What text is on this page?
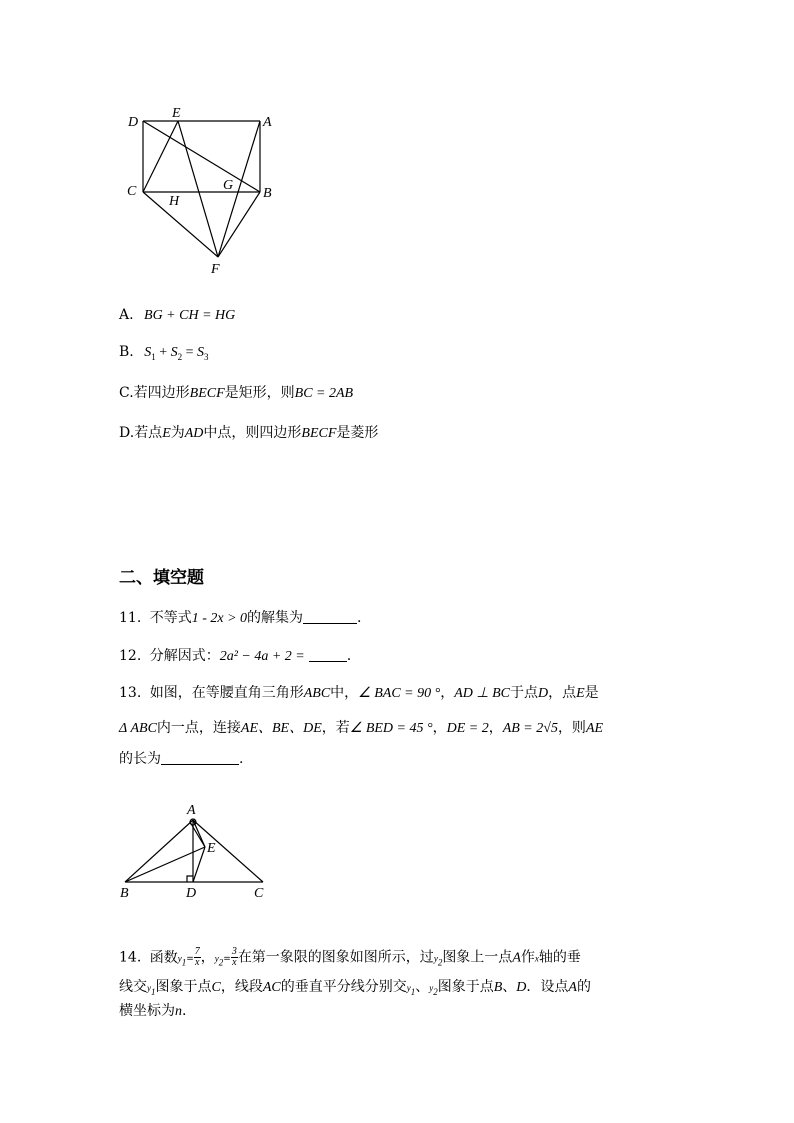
D
E
A
C	G
B
H
F
A. BG + CH = HG
B. $S_1 + S_2 = S_3$
C.若四边形BECF是矩形，则BC = 2AB
D.若点E为AD中点，则四边形BECF是菱形
二、填空题
11. 不等式1 - 2x > 0的解集为	.
12. 分解因式：2a² − 4a + 2 =	.
13. 如图，在等腰直角三角形ABC中，∠ BAC = 90 °，AD ⊥ BC于点D，点E是
Δ ABC内一点，连接AE、BE、DE，若∠ BED = 45 °，DE = 2，AB = 2√5，则AE
的长为	.
A
E
B	D	C
14. 函数$y_1= \frac{7}{x}$ ，$y_2= \frac{3}{x}$ 在第一象限的图象如图所示，过$y_2$图象上一点A作x轴的垂
线交$y_1$图象于点C，线段AC的垂直平分线分别交$y_1$、$y_2$图象于点B、D．设点A的
横坐标为n.
